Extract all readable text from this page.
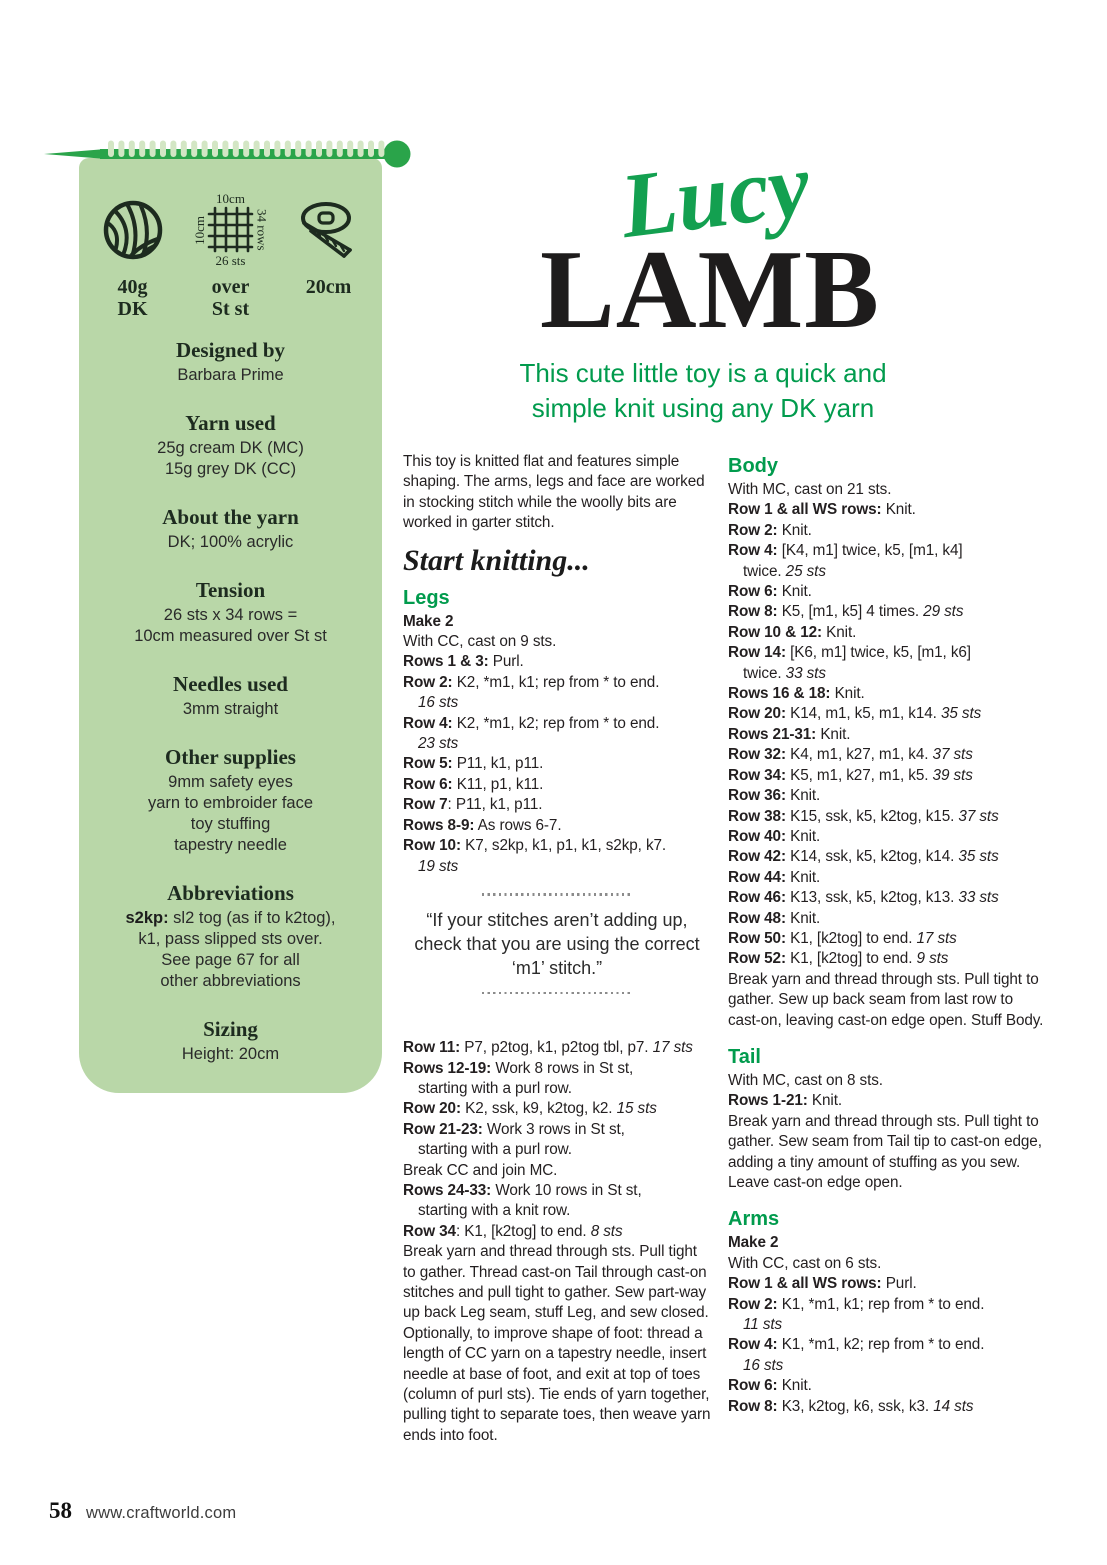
40g
DK
10cm
10cm	34 rows
26 sts
over
St st
20cm
Designed by
Barbara Prime
Yarn used
25g cream DK (MC)
15g grey DK (CC)
About the yarn
DK; 100% acrylic
Tension
26 sts x 34 rows =
10cm measured over St st
Needles used
3mm straight
Other supplies
9mm safety eyes
yarn to embroider face
toy stuffing
tapestry needle
Abbreviations
s2kp: sl2 tog (as if to k2tog),
k1, pass slipped sts over.
See page 67 for all
other abbreviations
Sizing
Height: 20cm
Lucy
LAMB
This cute little toy is a quick and
simple knit using any DK yarn

This toy is knitted flat and features simple shaping. The arms, legs and face are worked in stocking stitch while the woolly bits are worked in garter stitch.

Start knitting...
Legs
Make 2
With CC, cast on 9 sts.
Rows 1 & 3: Purl.
Row 2: K2, *m1, k1; rep from * to end.
16 sts
Row 4: K2, *m1, k2; rep from * to end.
23 sts
Row 5: P11, k1, p11.
Row 6: K11, p1, k11.
Row 7: P11, k1, p11.
Rows 8-9: As rows 6-7.
Row 10: K7, s2kp, k1, p1, k1, s2kp, k7.
19 sts
“If your stitches aren’t adding up, check that you are using the correct ‘m1’ stitch.”
Row 11: P7, p2tog, k1, p2tog tbl, p7. 17 sts
Rows 12-19: Work 8 rows in St st,
starting with a purl row.
Row 20: K2, ssk, k9, k2tog, k2. 15 sts
Row 21-23: Work 3 rows in St st,
starting with a purl row.
Break CC and join MC.
Rows 24-33: Work 10 rows in St st,
starting with a knit row.
Row 34: K1, [k2tog] to end. 8 sts

Break yarn and thread through sts. Pull tight to gather. Thread cast-on Tail through cast-on stitches and pull tight to gather. Sew part-way up back Leg seam, stuff Leg, and sew closed. Optionally, to improve shape of foot: thread a length of CC yarn on a tapestry needle, insert needle at base of foot, and exit at top of toes (column of purl sts). Tie ends of yarn together, pulling tight to separate toes, then weave yarn ends into foot.

Body
With MC, cast on 21 sts.
Row 1 & all WS rows: Knit.
Row 2: Knit.
Row 4: [K4, m1] twice, k5, [m1, k4]
twice. 25 sts
Row 6: Knit.
Row 8: K5, [m1, k5] 4 times. 29 sts
Row 10 & 12: Knit.
Row 14: [K6, m1] twice, k5, [m1, k6]
twice. 33 sts
Rows 16 & 18: Knit.
Row 20: K14, m1, k5, m1, k14. 35 sts
Rows 21-31: Knit.
Row 32: K4, m1, k27, m1, k4. 37 sts
Row 34: K5, m1, k27, m1, k5. 39 sts
Row 36: Knit.
Row 38: K15, ssk, k5, k2tog, k15. 37 sts
Row 40: Knit.
Row 42: K14, ssk, k5, k2tog, k14. 35 sts
Row 44: Knit.
Row 46: K13, ssk, k5, k2tog, k13. 33 sts
Row 48: Knit.
Row 50: K1, [k2tog] to end. 17 sts
Row 52: K1, [k2tog] to end. 9 sts

Break yarn and thread through sts. Pull tight to gather. Sew up back seam from last row to cast-on, leaving cast-on edge open. Stuff Body.

Tail
With MC, cast on 8 sts.
Rows 1-21: Knit.

Break yarn and thread through sts. Pull tight to gather. Sew seam from Tail tip to cast-on edge, adding a tiny amount of stuffing as you sew. Leave cast-on edge open.

Arms
Make 2
With CC, cast on 6 sts.
Row 1 & all WS rows: Purl.
Row 2: K1, *m1, k1; rep from * to end.
11 sts
Row 4: K1, *m1, k2; rep from * to end.
16 sts
Row 6: Knit.
Row 8: K3, k2tog, k6, ssk, k3. 14 sts
58 www.craftworld.com
